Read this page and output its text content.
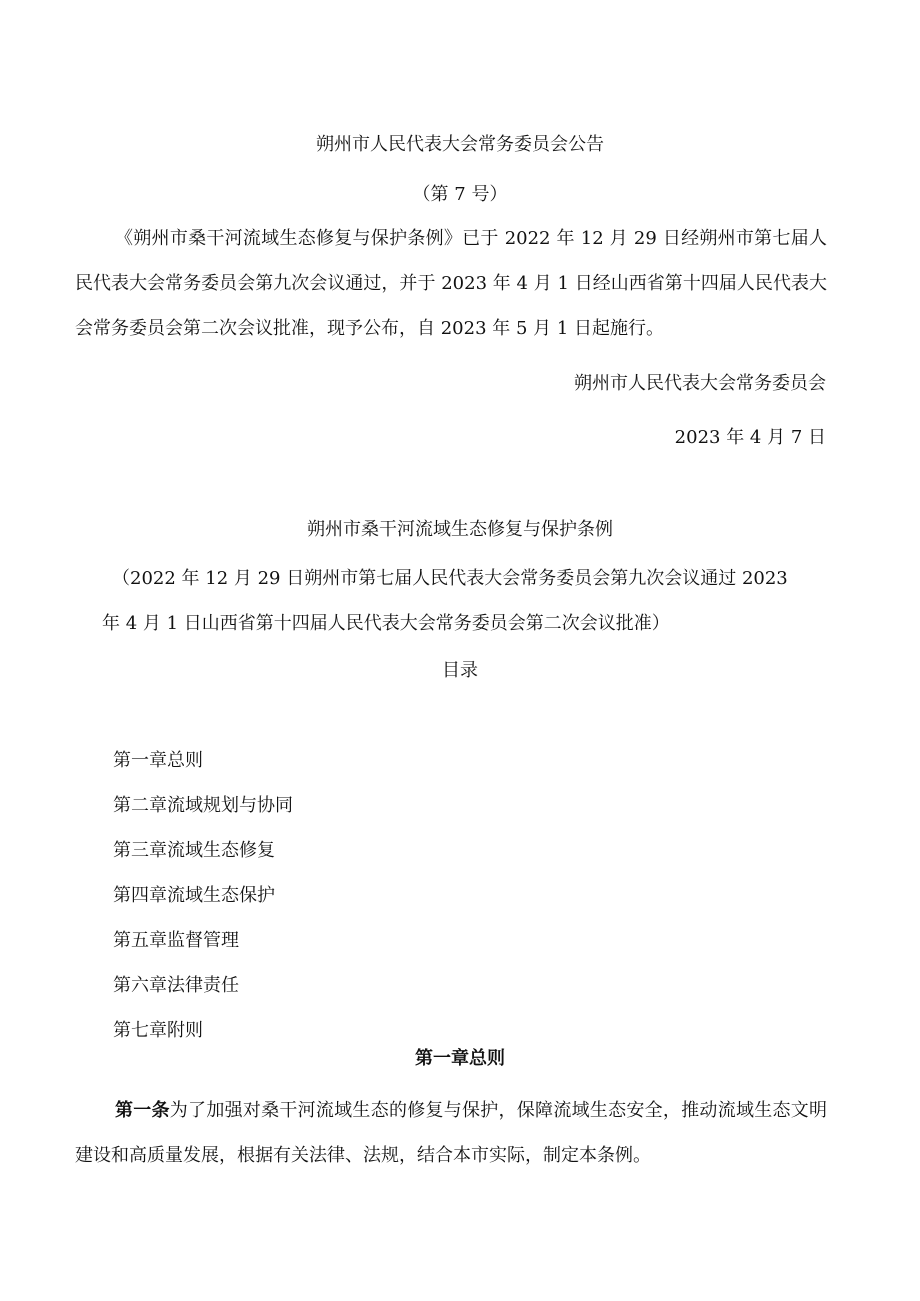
朔州市人民代表大会常务委员会公告
（第 7 号）

《朔州市桑干河流域生态修复与保护条例》已于 2022 年 12 月 29 日经朔州市第七届人民代表大会常务委员会第九次会议通过，并于 2023 年 4 月 1 日经山西省第十四届人民代表大会常务委员会第二次会议批准，现予公布，自 2023 年 5 月 1 日起施行。

朔州市人民代表大会常务委员会
2023 年 4 月 7 日
朔州市桑干河流域生态修复与保护条例
（2022 年 12 月 29 日朔州市第七届人民代表大会常务委员会第九次会议通过 2023
年 4 月 1 日山西省第十四届人民代表大会常务委员会第二次会议批准）
目录
第一章总则
第二章流域规划与协同
第三章流域生态修复
第四章流域生态保护
第五章监督管理
第六章法律责任
第七章附则
第一章总则

第一条为了加强对桑干河流域生态的修复与保护，保障流域生态安全，推动流域生态文明建设和高质量发展，根据有关法律、法规，结合本市实际，制定本条例。
